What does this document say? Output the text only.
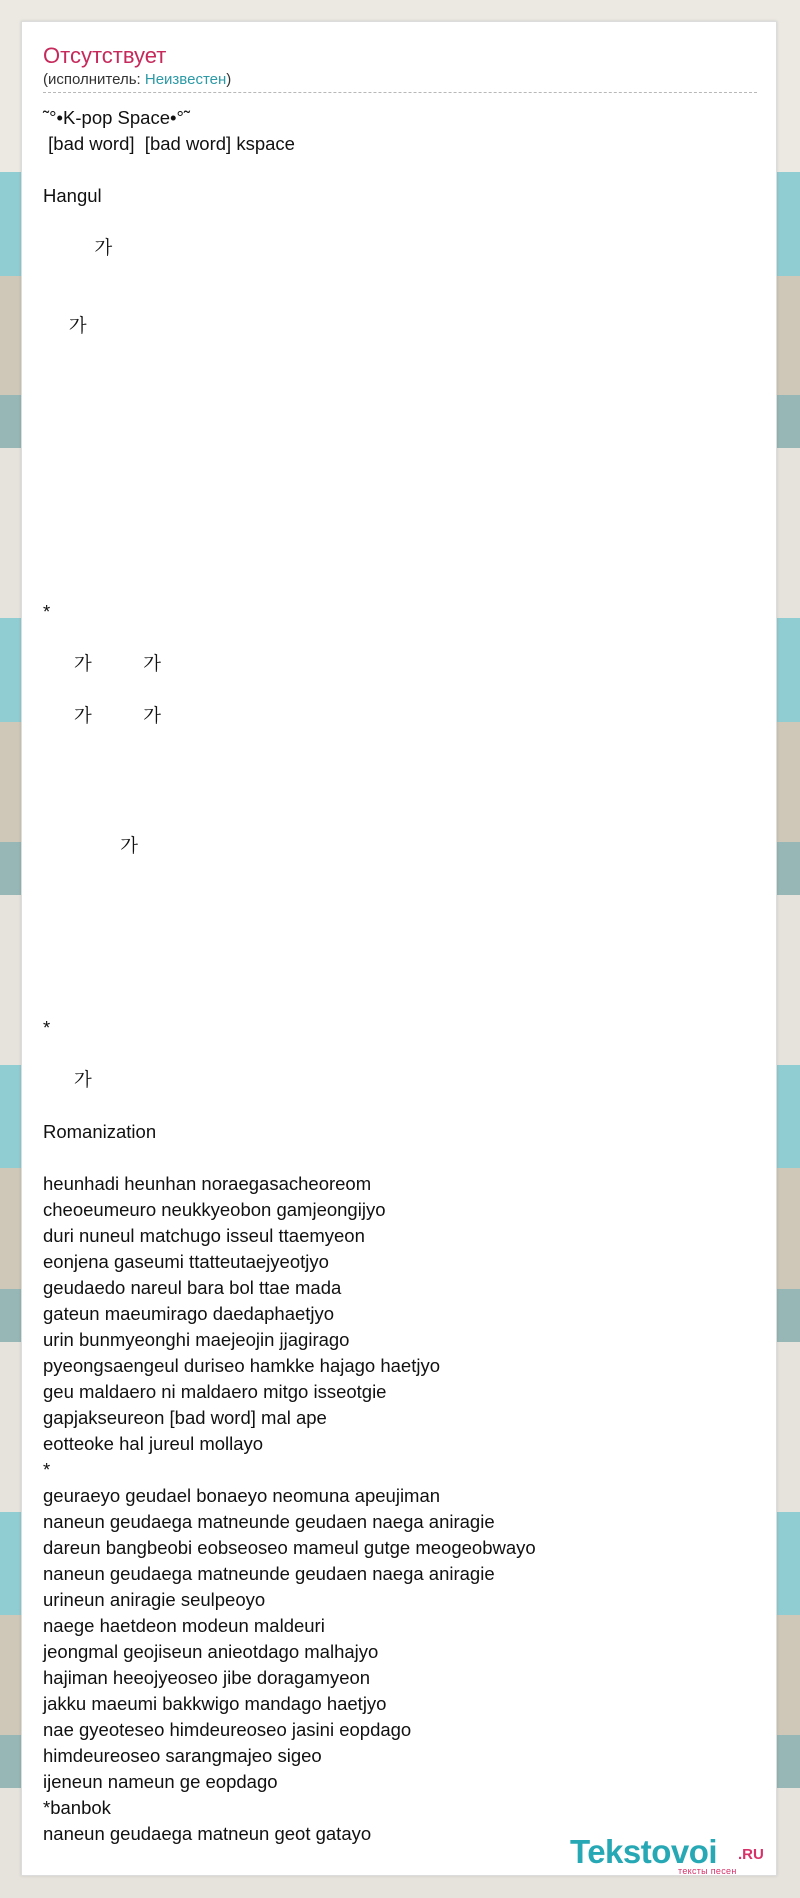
Отсутствует
(исполнитель: Неизвестен)
˜°•K-pop Space•°˜
[bad word]  [bad word] kspace

Hangul

가

가

*

가          가

가          가

가

*

가

Romanization

heunhadi heunhan noraegasacheoreom
cheoeumeuro neukkyeobon gamjeongijyo
duri nuneul matchugo isseul ttaemyeon
eonjena gaseumi ttatteutaejyeotjyo
geudaedo nareul bara bol ttae mada
gateun maeumirago daedaphaetjyo
urin bunmyeonghi maejeojin jjagirago
pyeongsaengeul duriseo hamkke hajago haetjyo
geu maldaero ni maldaero mitgo isseotgie
gapjakseureon [bad word] mal ape
eotteoke hal jureul mollayo
*
geuraeyo geudael bonaeyo neomuna apeujiman
naneun geudaega matneunde geudaen naega aniragie
dareun bangbeobi eobseoseo mameul gutge meogeobwayo
naneun geudaega matneunde geudaen naega aniragie
urineun aniragie seulpeoyo
naege haetdeon modeun maldeuri
jeongmal geojiseun anieotdago malhajyo
hajiman heeojyeoseo jibe doragamyeon
jakku maeumi bakkwigo mandago haetjyo
nae gyeoteseo himdeureoseo jasini eopdago
himdeureoseo sarangmajeo sigeo
ijeneun nameun ge eopdago
*banbok
naneun geudaega matneun geot gatayo	Tekstovoi .RU
тексты песен
